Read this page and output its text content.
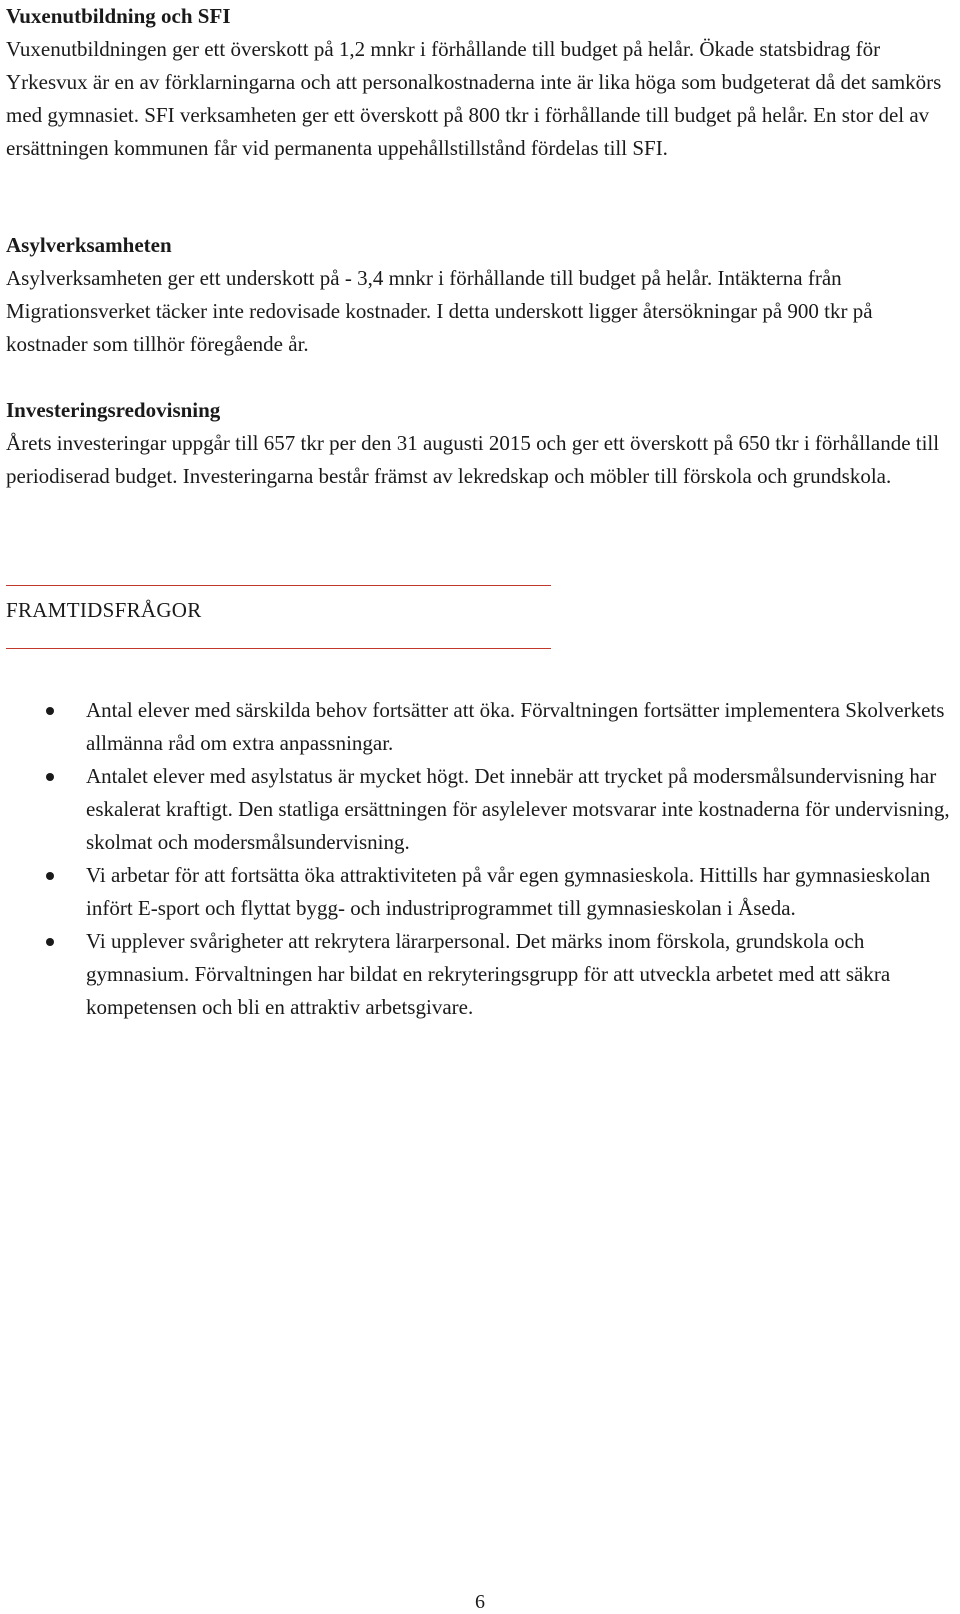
Vuxenutbildning och SFI

Vuxenutbildningen ger ett överskott på 1,2 mnkr i förhållande till budget på helår. Ökade statsbidrag för Yrkesvux är en av förklarningarna och att personalkostnaderna inte är lika höga som budgeterat då det samkörs med gymnasiet. SFI verksamheten ger ett överskott på 800 tkr i förhållande till budget på helår. En stor del av ersättningen kommunen får vid permanenta uppehållstillstånd fördelas till SFI.

Asylverksamheten

Asylverksamheten ger ett underskott på - 3,4 mnkr i förhållande till budget på helår. Intäkterna från Migrationsverket täcker inte redovisade kostnader. I detta underskott ligger återsökningar på 900 tkr på kostnader som tillhör föregående år.

Investeringsredovisning

Årets investeringar uppgår till 657 tkr per den 31 augusti 2015 och ger ett överskott på 650 tkr i förhållande till periodiserad budget. Investeringarna består främst av lekredskap och möbler till förskola och grundskola.

FRAMTIDSFRÅGOR
Antal elever med särskilda behov fortsätter att öka. Förvaltningen fortsätter implementera Skolverkets allmänna råd om extra anpassningar.
Antalet elever med asylstatus är mycket högt. Det innebär att trycket på modersmålsundervisning har eskalerat kraftigt. Den statliga ersättningen för asylelever motsvarar inte kostnaderna för undervisning, skolmat och modersmålsundervisning.
Vi arbetar för att fortsätta öka attraktiviteten på vår egen gymnasieskola. Hittills har gymnasieskolan infört E-sport och flyttat bygg- och industriprogrammet till gymnasieskolan i Åseda.
Vi upplever svårigheter att rekrytera lärarpersonal. Det märks inom förskola, grundskola och gymnasium. Förvaltningen har bildat en rekryteringsgrupp för att utveckla arbetet med att säkra kompetensen och bli en attraktiv arbetsgivare.
6
